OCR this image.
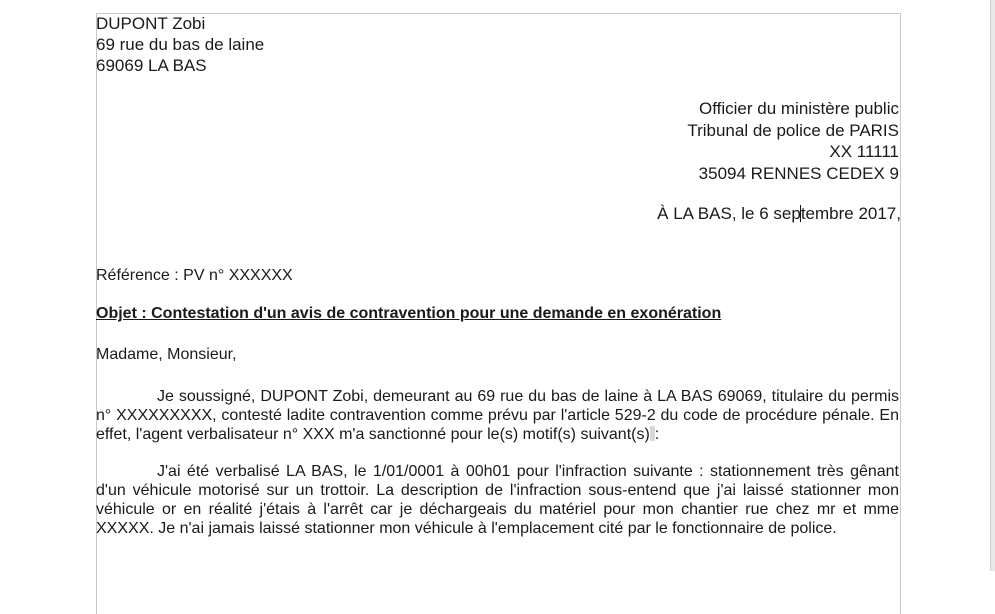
DUPONT Zobi
69 rue du bas de laine
69069 LA BAS
Officier du ministère public
Tribunal de police de PARIS
XX 11111
35094 RENNES CEDEX 9
À LA BAS, le 6 septembre 2017,
Référence : PV n° XXXXXX
Objet : Contestation d'un avis de contravention pour une demande en exonération
Madame, Monsieur,
Je soussigné, DUPONT Zobi, demeurant au 69 rue du bas de laine à LA BAS 69069, titulaire du permis n° XXXXXXXXX, contesté ladite contravention comme prévu par l'article 529-2 du code de procédure pénale. En effet, l'agent verbalisateur n° XXX m'a sanctionné pour le(s) motif(s) suivant(s) :
J'ai été verbalisé LA BAS, le 1/01/0001 à 00h01 pour l'infraction suivante : stationnement très gênant d'un véhicule motorisé sur un trottoir. La description de l'infraction sous-entend que j'ai laissé stationner mon véhicule or en réalité j'étais à l'arrêt car je déchargeais du matériel pour mon chantier rue chez mr et mme XXXXX. Je n'ai jamais laissé stationner mon véhicule à l'emplacement cité par le fonctionnaire de police.
